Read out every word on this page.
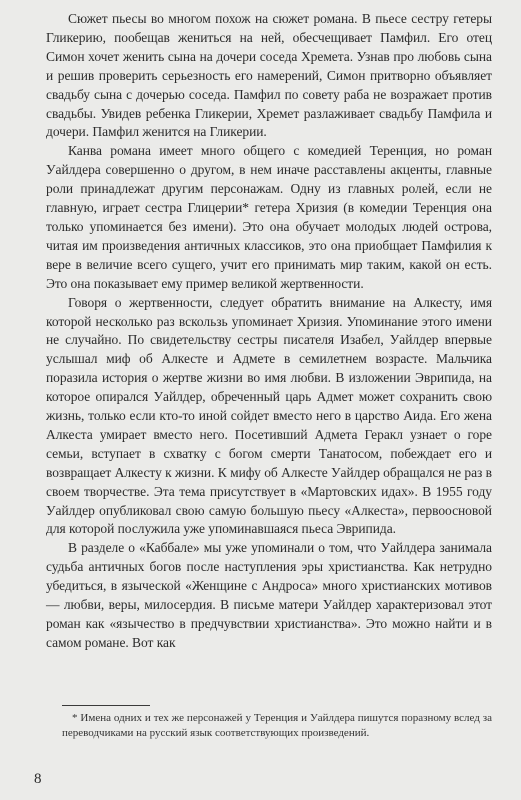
Сюжет пьесы во многом похож на сюжет романа. В пьесе сестру гетеры Гликерию, пообещав жениться на ней, обесчещивает Памфил. Его отец Симон хочет женить сына на дочери соседа Хремета. Узнав про любовь сына и решив проверить серьезность его намерений, Симон притворно объявляет свадьбу сына с дочерью соседа. Памфил по совету раба не возражает против свадьбы. Увидев ребенка Гликерии, Хремет разлаживает свадьбу Памфила и дочери. Памфил женится на Гликерии.

Канва романа имеет много общего с комедией Теренция, но роман Уайлдера совершенно о другом, в нем иначе расставлены акценты, главные роли принадлежат другим персонажам. Одну из главных ролей, если не главную, играет сестра Глицерии* гетера Хризия (в комедии Теренция она только упоминается без имени). Это она обучает молодых людей острова, читая им произведения античных классиков, это она приобщает Памфилия к вере в величие всего сущего, учит его принимать мир таким, какой он есть. Это она показывает ему пример великой жертвенности.

Говоря о жертвенности, следует обратить внимание на Алкесту, имя которой несколько раз вскользь упоминает Хризия. Упоминание этого имени не случайно. По свидетельству сестры писателя Изабел, Уайлдер впервые услышал миф об Алкесте и Адмете в семилетнем возрасте. Мальчика поразила история о жертве жизни во имя любви. В изложении Эврипида, на которое опирался Уайлдер, обреченный царь Адмет может сохранить свою жизнь, только если кто-то иной сойдет вместо него в царство Аида. Его жена Алкеста умирает вместо него. Посетивший Адмета Геракл узнает о горе семьи, вступает в схватку с богом смерти Танатосом, побеждает его и возвращает Алкесту к жизни. К мифу об Алкесте Уайлдер обращался не раз в своем творчестве. Эта тема присутствует в «Мартовских идах». В 1955 году Уайлдер опубликовал свою самую большую пьесу «Алкеста», первоосновой для которой послужила уже упоминавшаяся пьеса Эврипида.

В разделе о «Каббале» мы уже упоминали о том, что Уайлдера занимала судьба античных богов после наступления эры христианства. Как нетрудно убедиться, в языческой «Женщине с Андроса» много христианских мотивов — любви, веры, милосердия. В письме матери Уайлдер характеризовал этот роман как «язычество в предчувствии христианства». Это можно найти и в самом романе. Вот как

* Имена одних и тех же персонажей у Теренция и Уайлдера пишутся поразному вслед за переводчиками на русский язык соответствующих произведений.

8
